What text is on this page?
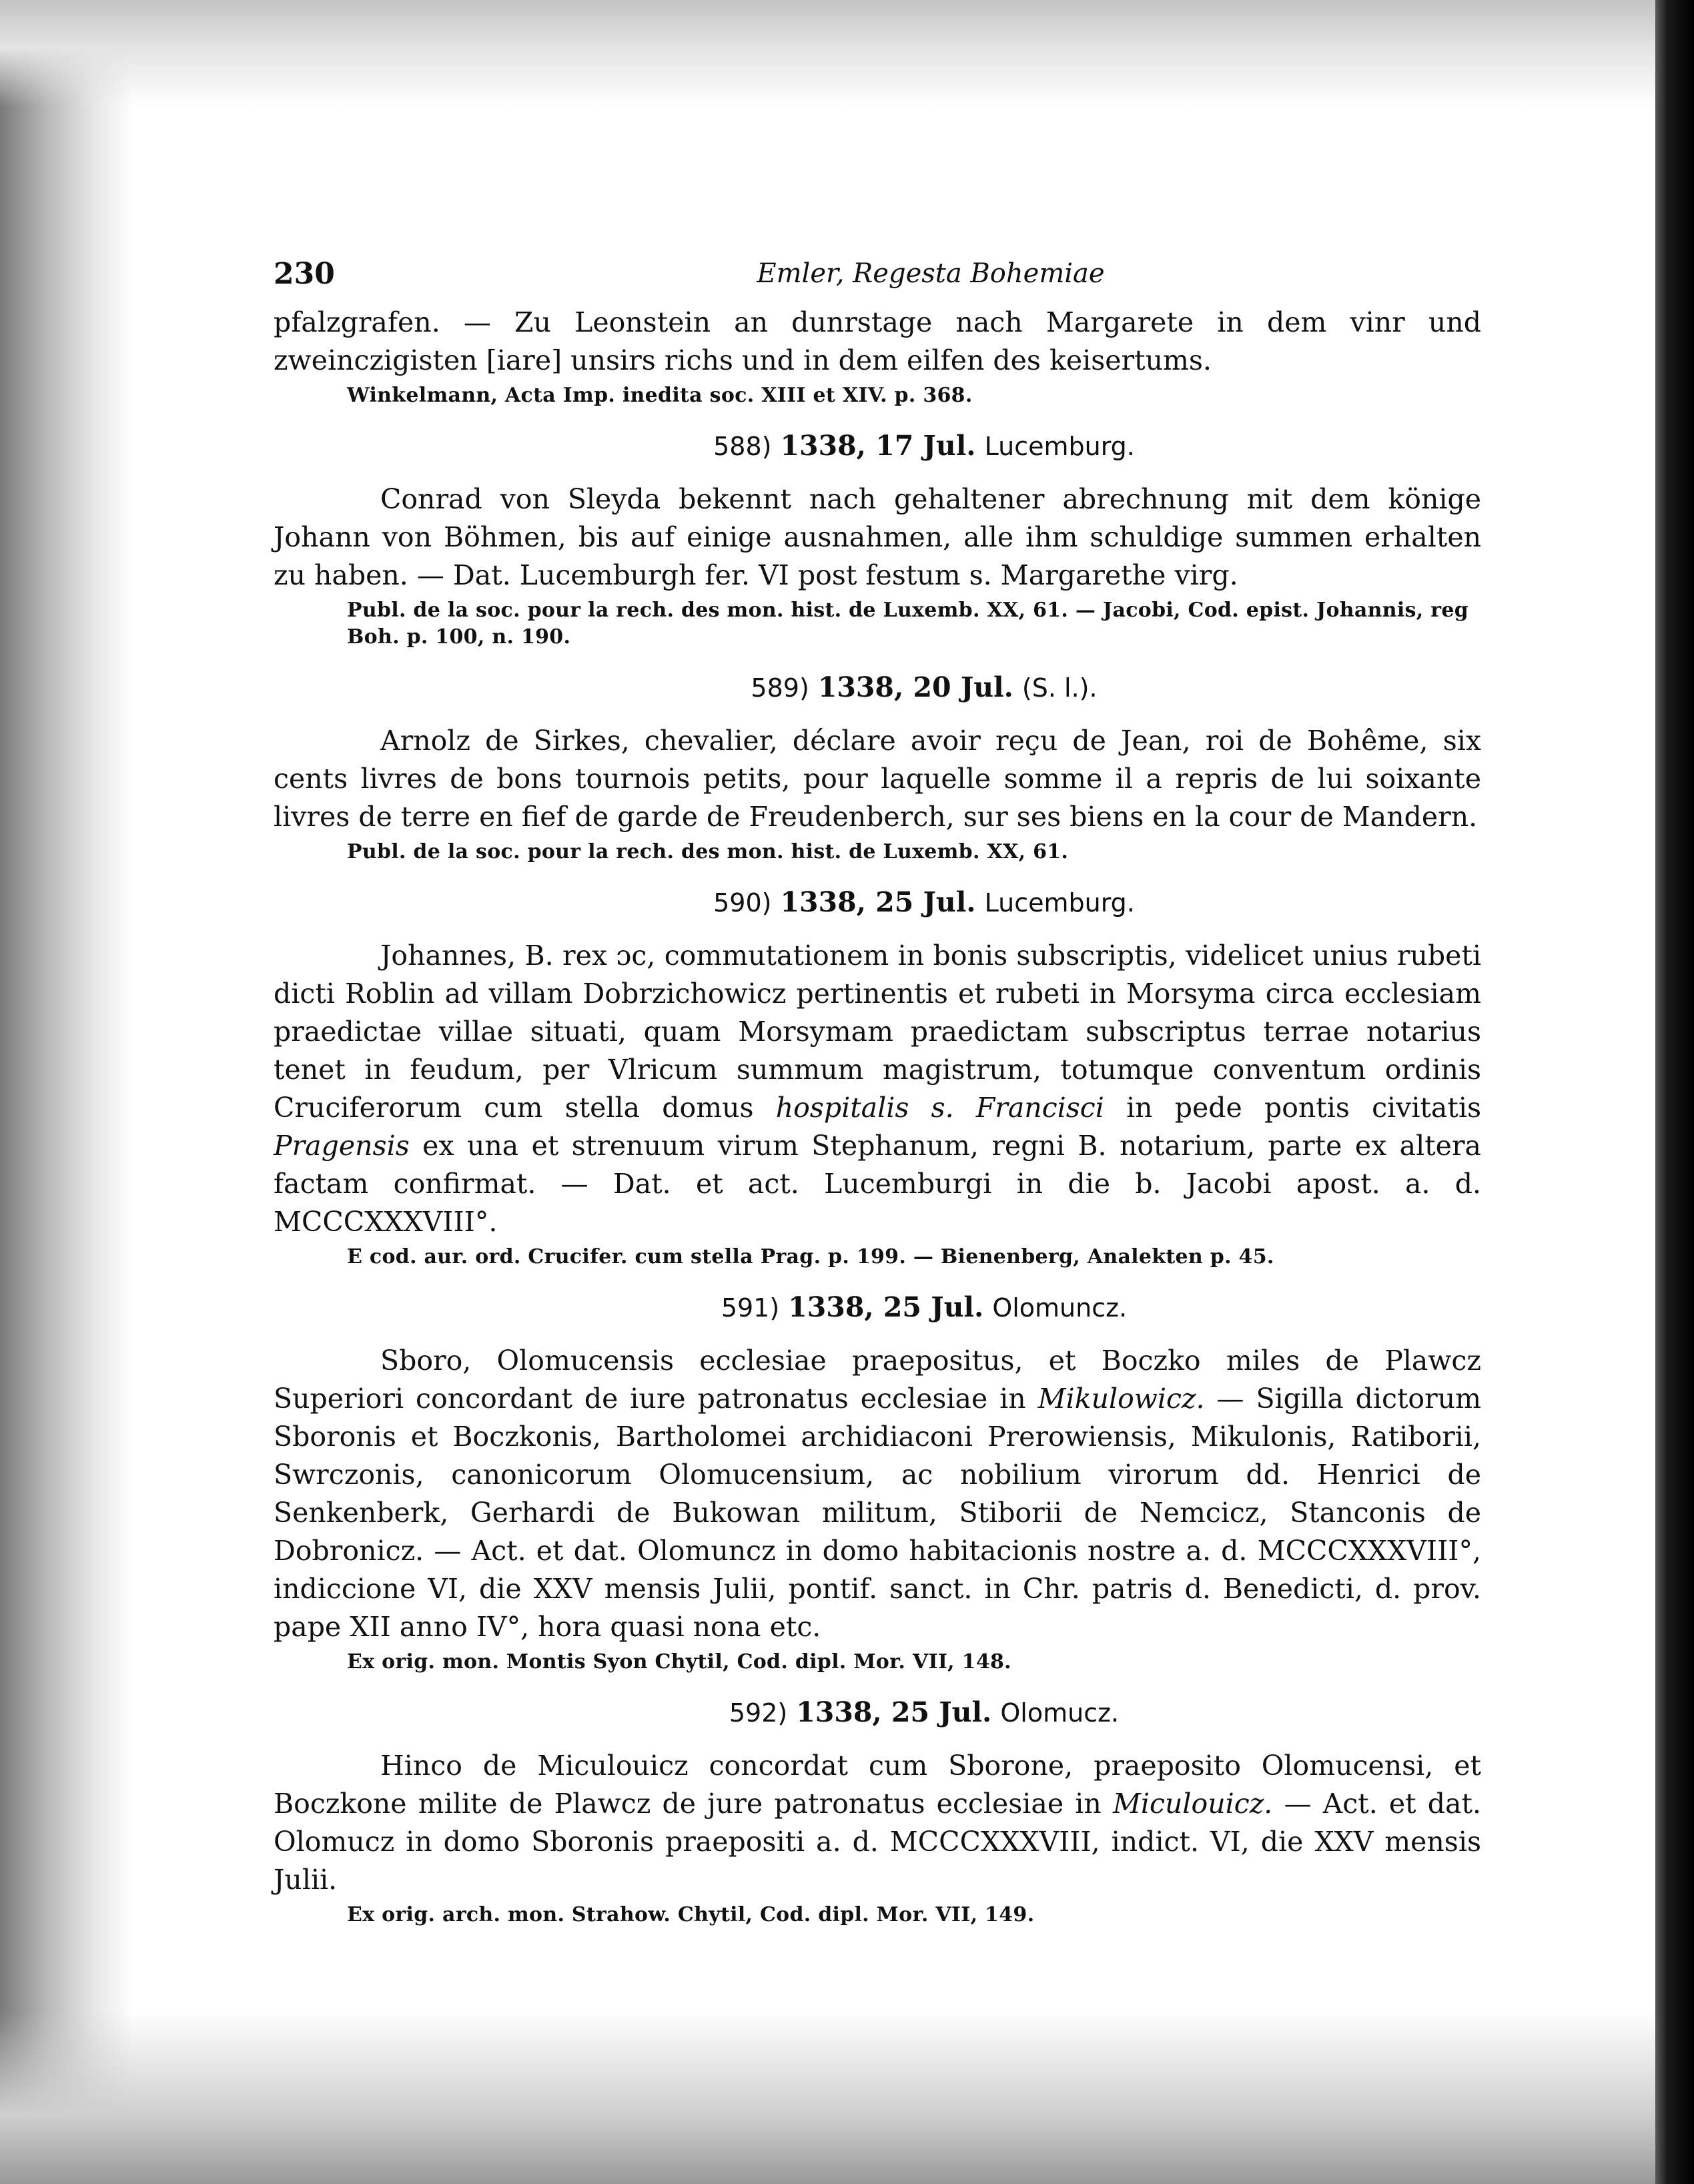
230	Emler, Regesta Bohemiae

pfalzgrafen. — Zu Leonstein an dunrstage nach Margarete in dem vinr und zweinczigisten [iare] unsirs richs und in dem eilfen des keisertums.

Winkelmann, Acta Imp. inedita soc. XIII et XIV. p. 368.

588) 1338, 17 Jul. Lucemburg.

Conrad von Sleyda bekennt nach gehaltener abrechnung mit dem könige Johann von Böhmen, bis auf einige ausnahmen, alle ihm schuldige summen erhalten zu haben. — Dat. Lucemburgh fer. VI post festum s. Margarethe virg.

Publ. de la soc. pour la rech. des mon. hist. de Luxemb. XX, 61. — Jacobi, Cod. epist. Johannis, reg Boh. p. 100, n. 190.

589) 1338, 20 Jul. (S. l.).

Arnolz de Sirkes, chevalier, déclare avoir reçu de Jean, roi de Bohême, six cents livres de bons tournois petits, pour laquelle somme il a repris de lui soixante livres de terre en fief de garde de Freudenberch, sur ses biens en la cour de Mandern.

Publ. de la soc. pour la rech. des mon. hist. de Luxemb. XX, 61.

590) 1338, 25 Jul. Lucemburg.

Johannes, B. rex ɔc, commutationem in bonis subscriptis, videlicet unius rubeti dicti Roblin ad villam Dobrzichowicz pertinentis et rubeti in Morsyma circa ecclesiam praedictae villae situati, quam Morsymam praedictam subscriptus terrae notarius tenet in feudum, per Vlricum summum magistrum, totumque conventum ordinis Cruciferorum cum stella domus hospitalis s. Francisci in pede pontis civitatis Pragensis ex una et strenuum virum Stephanum, regni B. notarium, parte ex altera factam confirmat. — Dat. et act. Lucemburgi in die b. Jacobi apost. a. d. MCCCXXXVIII°.

E cod. aur. ord. Crucifer. cum stella Prag. p. 199. — Bienenberg, Analekten p. 45.

591) 1338, 25 Jul. Olomuncz.

Sboro, Olomucensis ecclesiae praepositus, et Boczko miles de Plawcz Superiori concordant de iure patronatus ecclesiae in Mikulowicz. — Sigilla dictorum Sboronis et Boczkonis, Bartholomei archidiaconi Prerowiensis, Mikulonis, Ratiborii, Swrczonis, canonicorum Olomucensium, ac nobilium virorum dd. Henrici de Senkenberk, Gerhardi de Bukowan militum, Stiborii de Nemcicz, Stanconis de Dobronicz. — Act. et dat. Olomuncz in domo habitacionis nostre a. d. MCCCXXXVIII°, indiccione VI, die XXV mensis Julii, pontif. sanct. in Chr. patris d. Benedicti, d. prov. pape XII anno IV°, hora quasi nona etc.

Ex orig. mon. Montis Syon Chytil, Cod. dipl. Mor. VII, 148.

592) 1338, 25 Jul. Olomucz.

Hinco de Miculouicz concordat cum Sborone, praeposito Olomucensi, et Boczkone milite de Plawcz de jure patronatus ecclesiae in Miculouicz. — Act. et dat. Olomucz in domo Sboronis praepositi a. d. MCCCXXXVIII, indict. VI, die XXV mensis Julii.

Ex orig. arch. mon. Strahow. Chytil, Cod. dipl. Mor. VII, 149.
